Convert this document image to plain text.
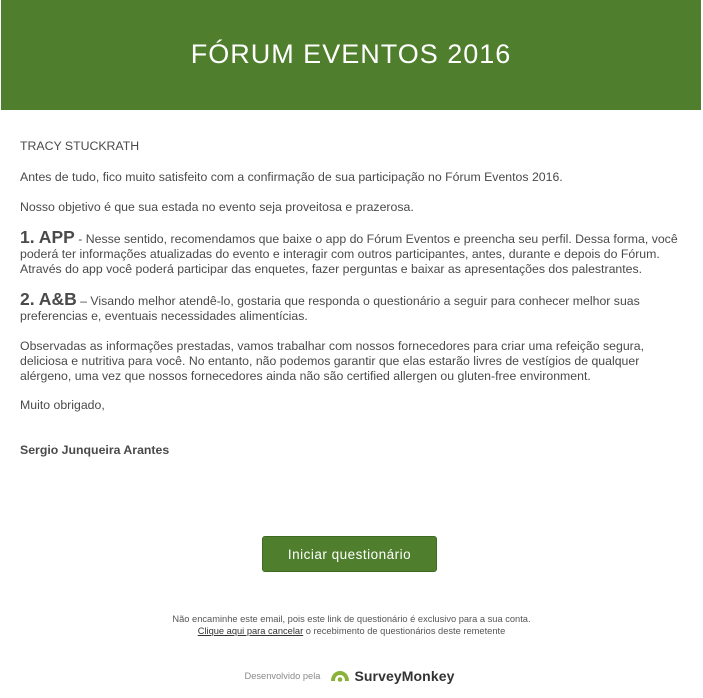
FÓRUM EVENTOS 2016

TRACY STUCKRATH

Antes de tudo, fico muito satisfeito com a confirmação de sua participação no Fórum Eventos 2016.

Nosso objetivo é que sua estada no evento seja proveitosa e prazerosa.

1. APP - Nesse sentido, recomendamos que baixe o app do Fórum Eventos e preencha seu perfil. Dessa forma, você poderá ter informações atualizadas do evento e interagir com outros participantes, antes, durante e depois do Fórum. Através do app você poderá participar das enquetes, fazer perguntas e baixar as apresentações dos palestrantes.

2. A&B – Visando melhor atendê-lo, gostaria que responda o questionário a seguir para conhecer melhor suas preferencias e, eventuais necessidades alimentícias.

Observadas as informações prestadas, vamos trabalhar com nossos fornecedores para criar uma refeição segura, deliciosa e nutritiva para você. No entanto, não podemos garantir que elas estarão livres de vestígios de qualquer alérgeno, uma vez que nossos fornecedores ainda não são certified allergen ou gluten-free environment.

Muito obrigado,

Sergio Junqueira Arantes

Iniciar questionário
Não encaminhe este email, pois este link de questionário é exclusivo para a sua conta.
Clique aqui para cancelar o recebimento de questionários deste remetente
Desenvolvido pela SurveyMonkey
